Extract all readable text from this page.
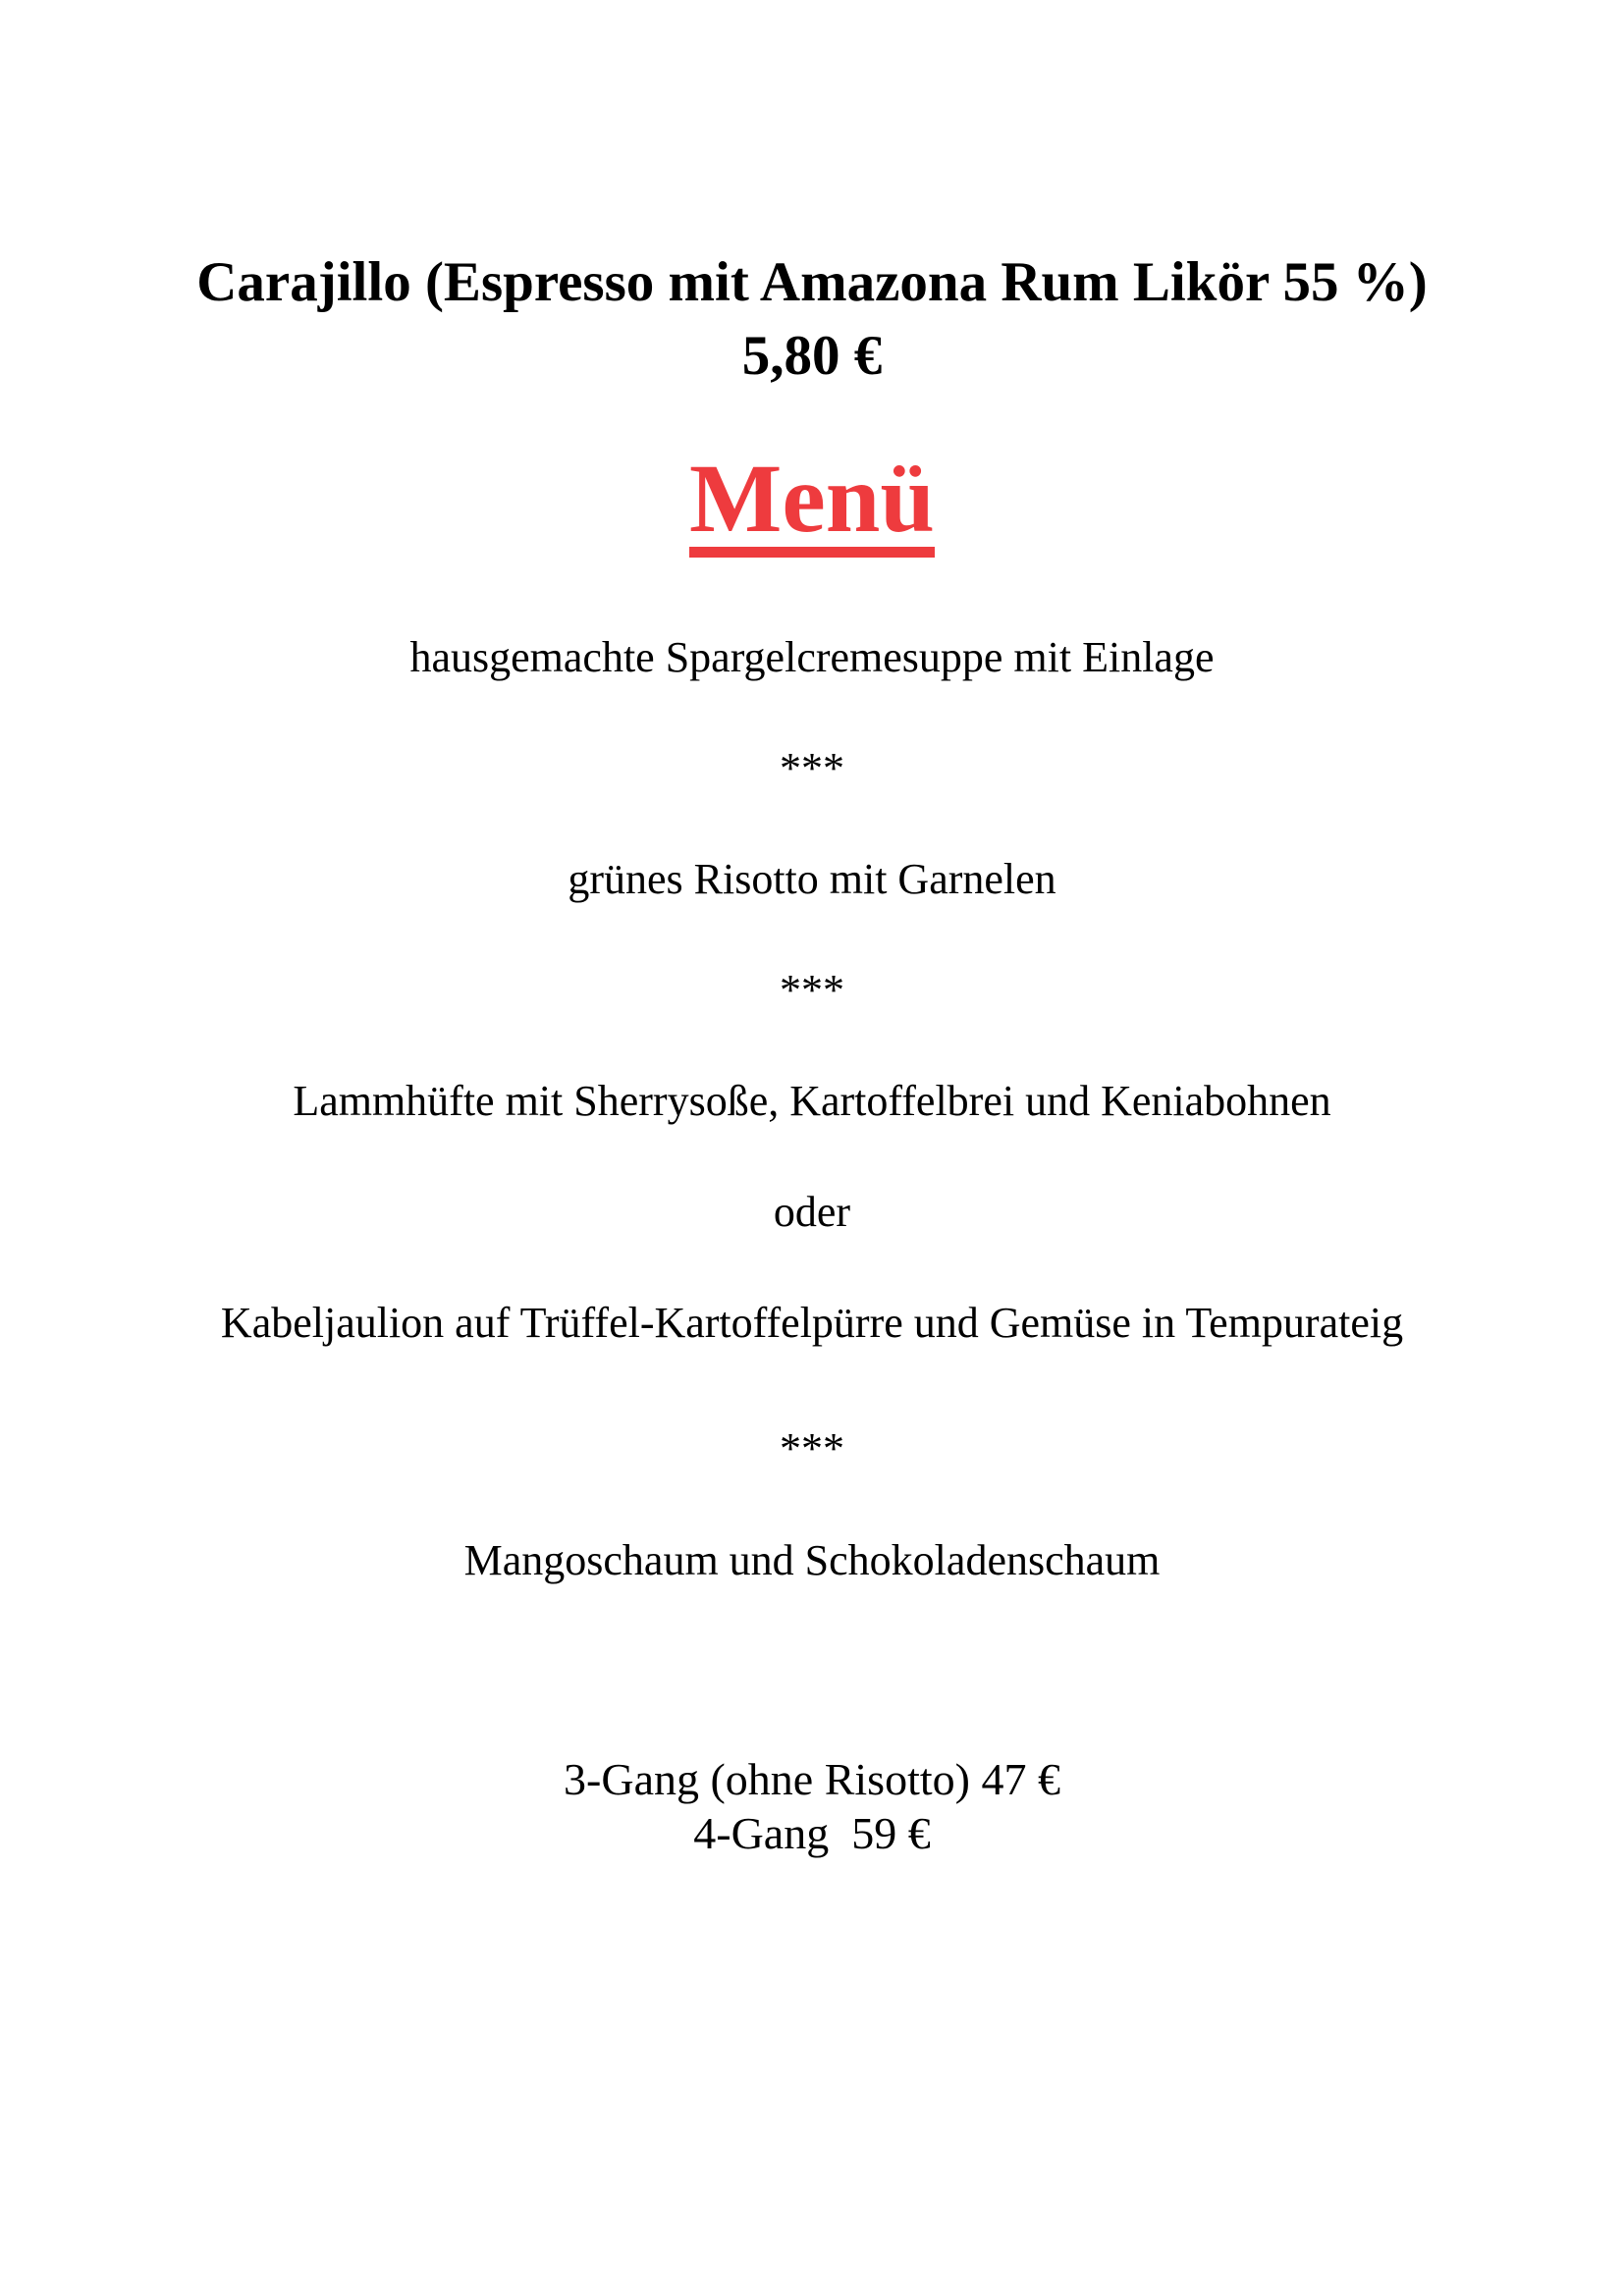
Carajillo (Espresso mit Amazona Rum Likör 55 %)

5,80 €

Menü

hausgemachte Spargelcremesuppe mit Einlage

***

grünes Risotto mit Garnelen

***

Lammhüfte mit Sherrysoße, Kartoffelbrei und Keniabohnen

oder

Kabeljaulion auf Trüffel-Kartoffelpürre und Gemüse in Tempurateig

***

Mangoschaum und Schokoladenschaum

3-Gang (ohne Risotto) 47 €

4-Gang  59 €
